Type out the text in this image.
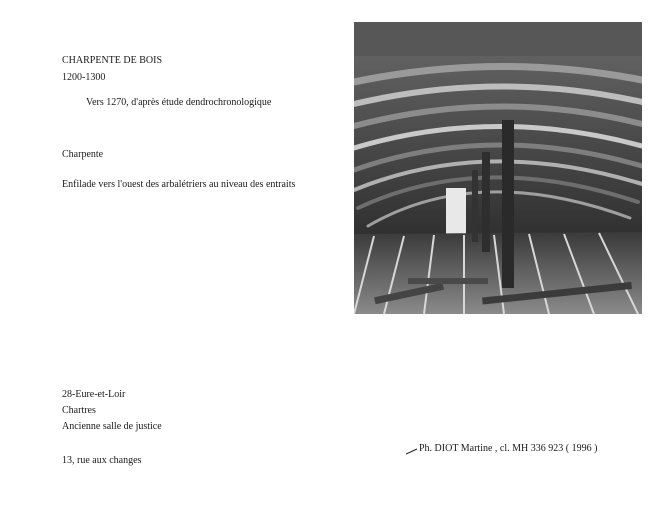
CHARPENTE DE BOIS
1200-1300
Vers 1270, d'après étude dendrochronologique
Charpente
Enfilade vers l'ouest des arbalétriers au niveau des entraits
28-Eure-et-Loir
Chartres
Ancienne salle de justice
13, rue aux changes
Ph. DIOT Martine , cl. MH 336 923 ( 1996 )
